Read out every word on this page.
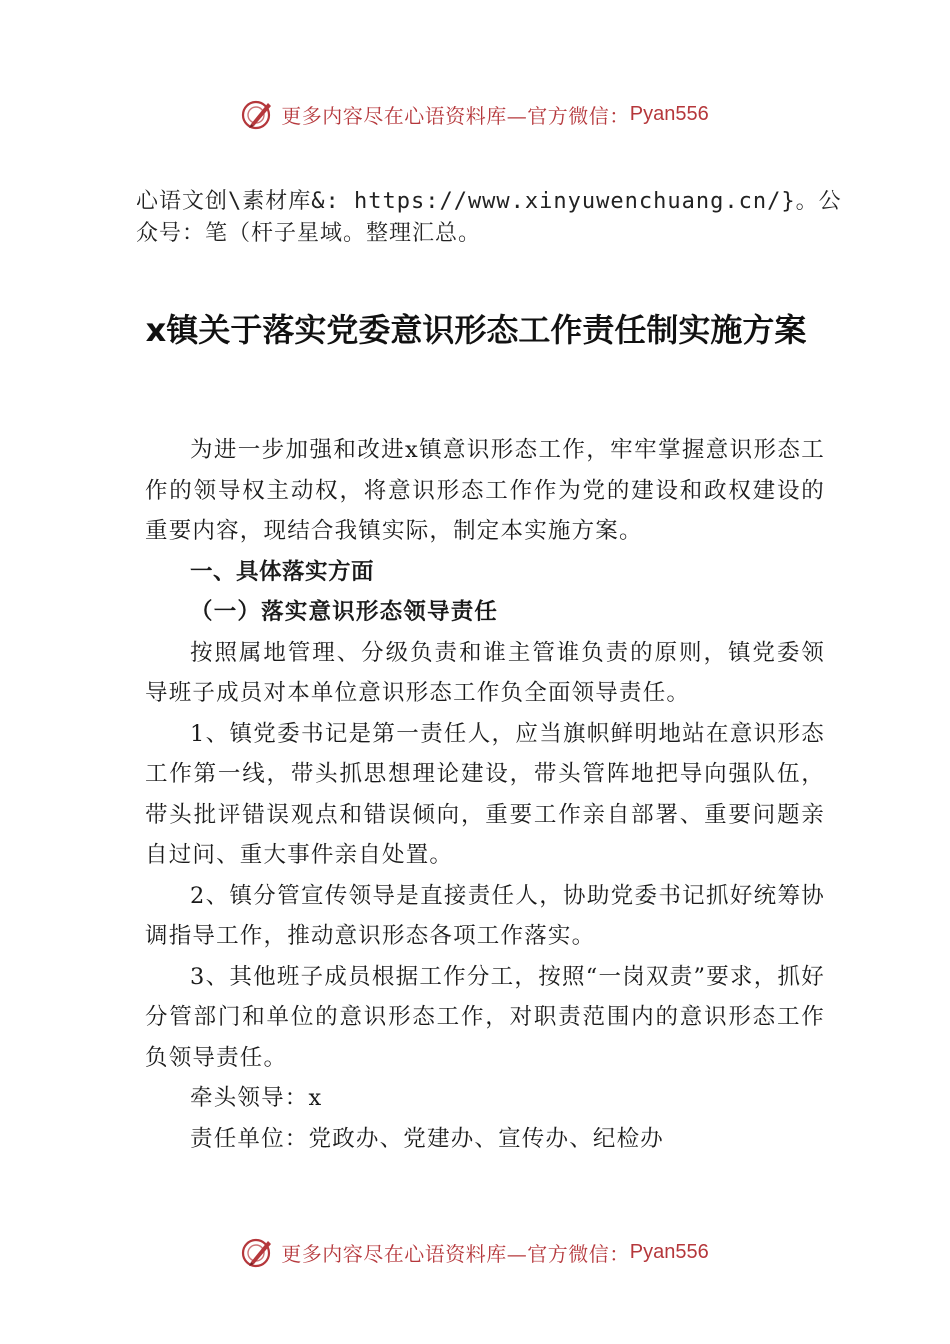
更多内容尽在心语资料库—官方微信： Pyan556
心语文创\素材库&: https://www.xinyuwenchuang.cn/}。公众号：笔（杆子星域。整理汇总。
x镇关于落实党委意识形态工作责任制实施方案

为进一步加强和改进x镇意识形态工作，牢牢掌握意识形态工作的领导权主动权，将意识形态工作作为党的建设和政权建设的重要内容，现结合我镇实际，制定本实施方案。

一、具体落实方面

（一）落实意识形态领导责任

按照属地管理、分级负责和谁主管谁负责的原则，镇党委领导班子成员对本单位意识形态工作负全面领导责任。

1、镇党委书记是第一责任人，应当旗帜鲜明地站在意识形态工作第一线，带头抓思想理论建设，带头管阵地把导向强队伍，带头批评错误观点和错误倾向，重要工作亲自部署、重要问题亲自过问、重大事件亲自处置。

2、镇分管宣传领导是直接责任人，协助党委书记抓好统筹协调指导工作，推动意识形态各项工作落实。

3、其他班子成员根据工作分工，按照“一岗双责”要求，抓好分管部门和单位的意识形态工作，对职责范围内的意识形态工作负领导责任。

牵头领导：x

责任单位：党政办、党建办、宣传办、纪检办

更多内容尽在心语资料库—官方微信： Pyan556
